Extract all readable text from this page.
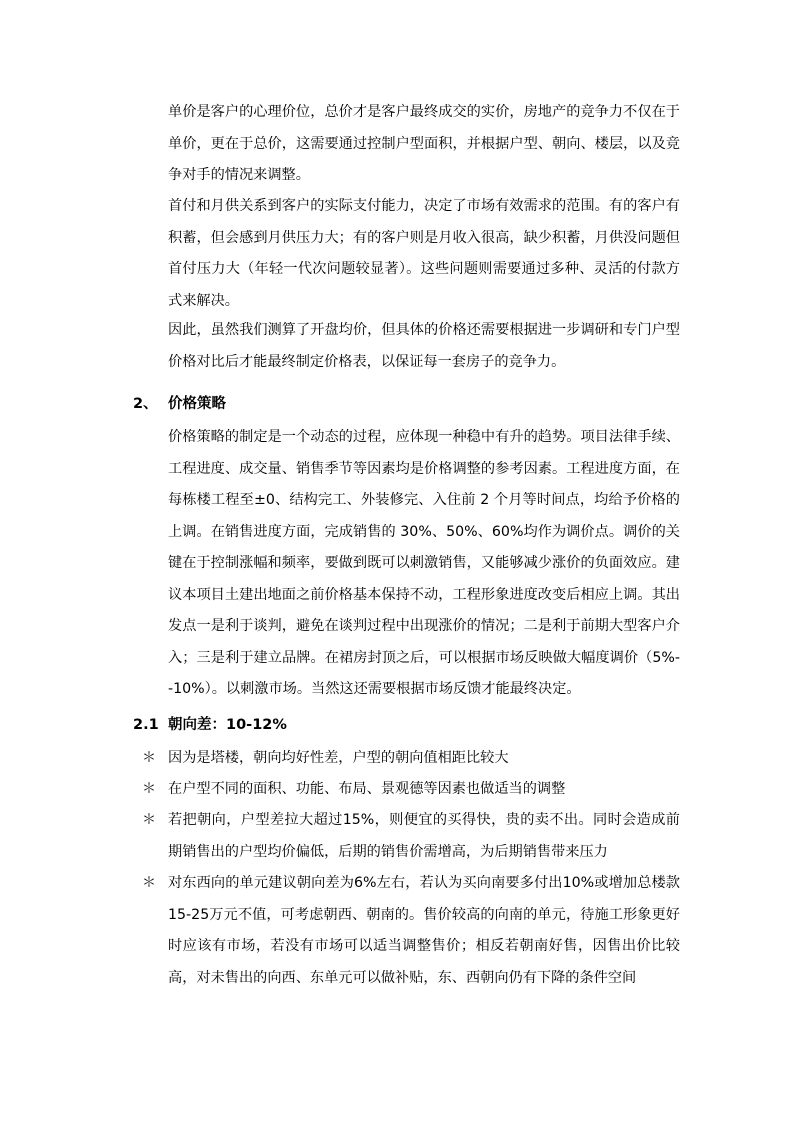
单价是客户的心理价位，总价才是客户最终成交的实价，房地产的竞争力不仅在于单价，更在于总价，这需要通过控制户型面积，并根据户型、朝向、楼层，以及竞争对手的情况来调整。

首付和月供关系到客户的实际支付能力，决定了市场有效需求的范围。有的客户有积蓄，但会感到月供压力大；有的客户则是月收入很高，缺少积蓄，月供没问题但首付压力大（年轻一代次问题较显著）。这些问题则需要通过多种、灵活的付款方式来解决。

因此，虽然我们测算了开盘均价，但具体的价格还需要根据进一步调研和专门户型价格对比后才能最终制定价格表，以保证每一套房子的竞争力。

2、 价格策略

价格策略的制定是一个动态的过程，应体现一种稳中有升的趋势。项目法律手续、工程进度、成交量、销售季节等因素均是价格调整的参考因素。工程进度方面，在每栋楼工程至±0、结构完工、外装修完、入住前 2 个月等时间点，均给予价格的上调。在销售进度方面，完成销售的 30%、50%、60%均作为调价点。调价的关键在于控制涨幅和频率，要做到既可以刺激销售，又能够减少涨价的负面效应。建议本项目土建出地面之前价格基本保持不动，工程形象进度改变后相应上调。其出发点一是利于谈判，避免在谈判过程中出现涨价的情况；二是利于前期大型客户介入；三是利于建立品牌。在裙房封顶之后，可以根据市场反映做大幅度调价（5%--10%）。以刺激市场。当然这还需要根据市场反馈才能最终决定。

2.1 朝向差：10-12%
＊ 因为是塔楼，朝向均好性差，户型的朝向值相距比较大

＊ 在户型不同的面积、功能、布局、景观德等因素也做适当的调整

＊ 若把朝向，户型差拉大超过15%，则便宜的买得快，贵的卖不出。同时会造成前期销售出的户型均价偏低，后期的销售价需增高，为后期销售带来压力

＊ 对东西向的单元建议朝向差为6%左右，若认为买向南要多付出10%或增加总楼款15-25万元不值，可考虑朝西、朝南的。售价较高的向南的单元，待施工形象更好时应该有市场，若没有市场可以适当调整售价；相反若朝南好售，因售出价比较高，对未售出的向西、东单元可以做补贴，东、西朝向仍有下降的条件空间
